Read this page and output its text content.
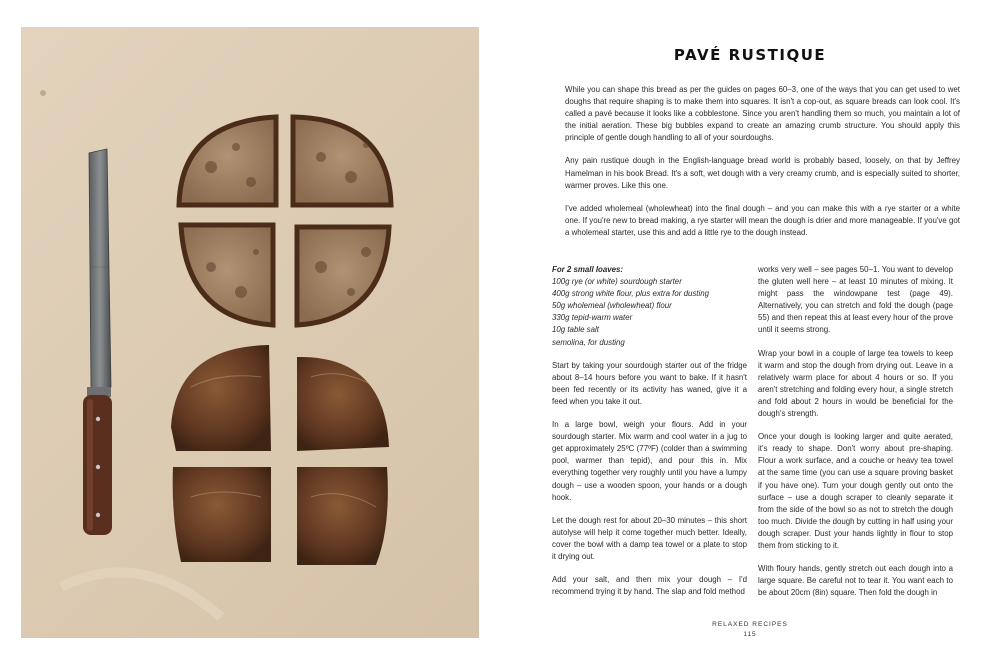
PAVÉ RUSTIQUE

While you can shape this bread as per the guides on pages 60–3, one of the ways that you can get used to wet doughs that require shaping is to make them into squares. It isn't a cop-out, as square breads can look cool. It's called a pavé because it looks like a cobblestone. Since you aren't handling them so much, you maintain a lot of the initial aeration. These big bubbles expand to create an amazing crumb structure. You should apply this principle of gentle dough handling to all of your sourdoughs.

Any pain rustique dough in the English-language bread world is probably based, loosely, on that by Jeffrey Hamelman in his book Bread. It's a soft, wet dough with a very creamy crumb, and is especially suited to shorter, warmer proves. Like this one.

I've added wholemeal (wholewheat) into the final dough – and you can make this with a rye starter or a white one. If you're new to bread making, a rye starter will mean the dough is drier and more manageable. If you've got a wholemeal starter, use this and add a little rye to the dough instead.

For 2 small loaves:
100g rye (or white) sourdough starter
400g strong white flour, plus extra for dusting
50g wholemeal (wholewheat) flour
330g tepid-warm water
10g table salt
semolina, for dusting

Start by taking your sourdough starter out of the fridge about 8–14 hours before you want to bake. If it hasn't been fed recently or its activity has waned, give it a feed when you take it out.

In a large bowl, weigh your flours. Add in your sourdough starter. Mix warm and cool water in a jug to get approximately 25ºC (77ºF) (colder than a swimming pool, warmer than tepid), and pour this in. Mix everything together very roughly until you have a lumpy dough – use a wooden spoon, your hands or a dough hook.

Let the dough rest for about 20–30 minutes – this short autolyse will help it come together much better. Ideally, cover the bowl with a damp tea towel or a plate to stop it drying out.

Add your salt, and then mix your dough – I'd recommend trying it by hand. The slap and fold method

works very well – see pages 50–1. You want to develop the gluten well here – at least 10 minutes of mixing. It might pass the windowpane test (page 49). Alternatively, you can stretch and fold the dough (page 55) and then repeat this at least every hour of the prove until it seems strong.

Wrap your bowl in a couple of large tea towels to keep it warm and stop the dough from drying out. Leave in a relatively warm place for about 4 hours or so. If you aren't stretching and folding every hour, a single stretch and fold about 2 hours in would be beneficial for the dough's strength.

Once your dough is looking larger and quite aerated, it's ready to shape. Don't worry about pre-shaping. Flour a work surface, and a couche or heavy tea towel at the same time (you can use a square proving basket if you have one). Turn your dough gently out onto the surface – use a dough scraper to cleanly separate it from the side of the bowl so as not to stretch the dough too much. Divide the dough by cutting in half using your dough scraper. Dust your hands lightly in flour to stop them from sticking to it.

With floury hands, gently stretch out each dough into a large square. Be careful not to tear it. You want each to be about 20cm (8in) square. Then fold the dough in

RELAXED RECIPES
115
